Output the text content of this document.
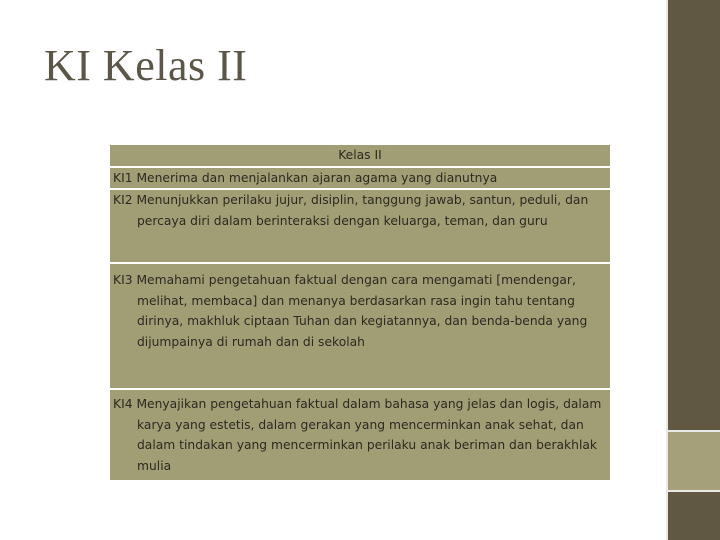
KI Kelas II
Kelas II

KI1 Menerima dan menjalankan ajaran agama yang dianutnya

KI2 Menunjukkan perilaku jujur, disiplin, tanggung jawab, santun, peduli, dan percaya diri dalam berinteraksi dengan keluarga, teman, dan guru

KI3 Memahami pengetahuan faktual dengan cara mengamati [mendengar, melihat, membaca] dan menanya berdasarkan rasa ingin tahu tentang dirinya, makhluk ciptaan Tuhan dan kegiatannya, dan benda-benda yang dijumpainya di rumah dan di sekolah

KI4 Menyajikan pengetahuan faktual dalam bahasa yang jelas dan logis, dalam karya yang estetis, dalam gerakan yang mencerminkan anak sehat, dan dalam tindakan yang mencerminkan perilaku anak beriman dan berakhlak mulia
